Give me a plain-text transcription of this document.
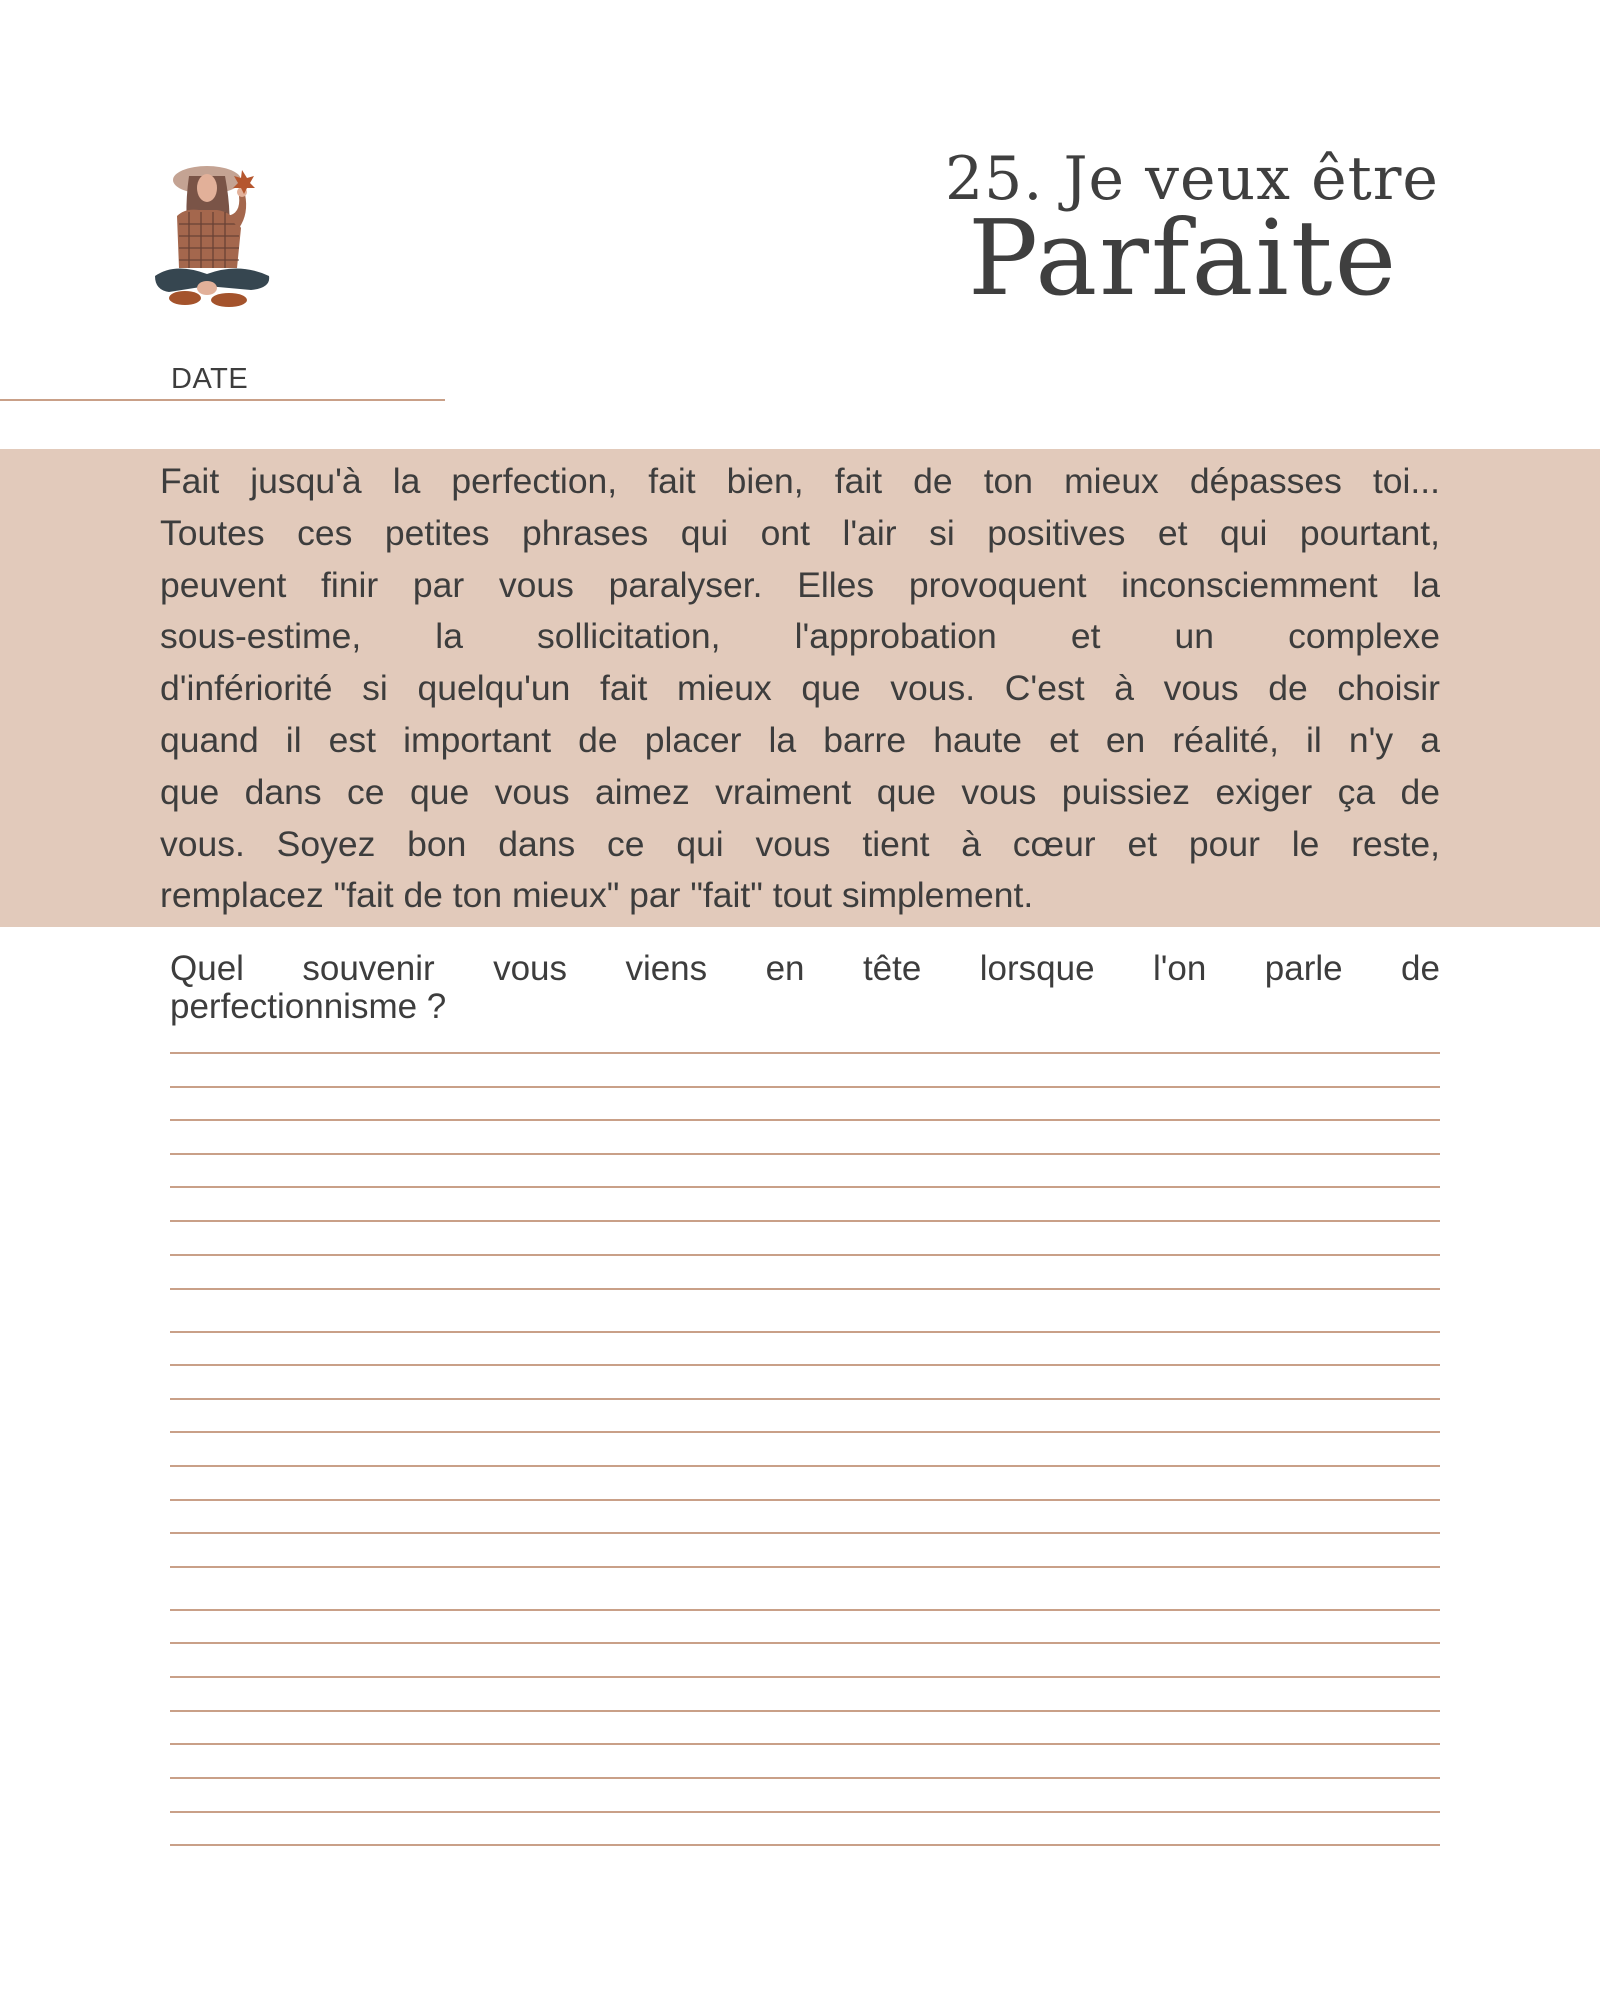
25. Je veux être
Parfaite
DATE
Fait jusqu'à la perfection, fait bien, fait de ton mieux dépasses toi...
Toutes ces petites phrases qui ont l'air si positives et qui pourtant,
peuvent finir par vous paralyser. Elles provoquent inconsciemment la
sous-estime, la sollicitation, l'approbation et un complexe
d'infériorité si quelqu'un fait mieux que vous. C'est à vous de choisir
quand il est important de placer la barre haute et en réalité, il n'y a
que dans ce que vous aimez vraiment que vous puissiez exiger ça de
vous. Soyez bon dans ce qui vous tient à cœur et pour le reste,
remplacez "fait de ton mieux" par "fait" tout simplement.
Quel souvenir vous viens en tête lorsque l'on parle de
perfectionnisme ?
